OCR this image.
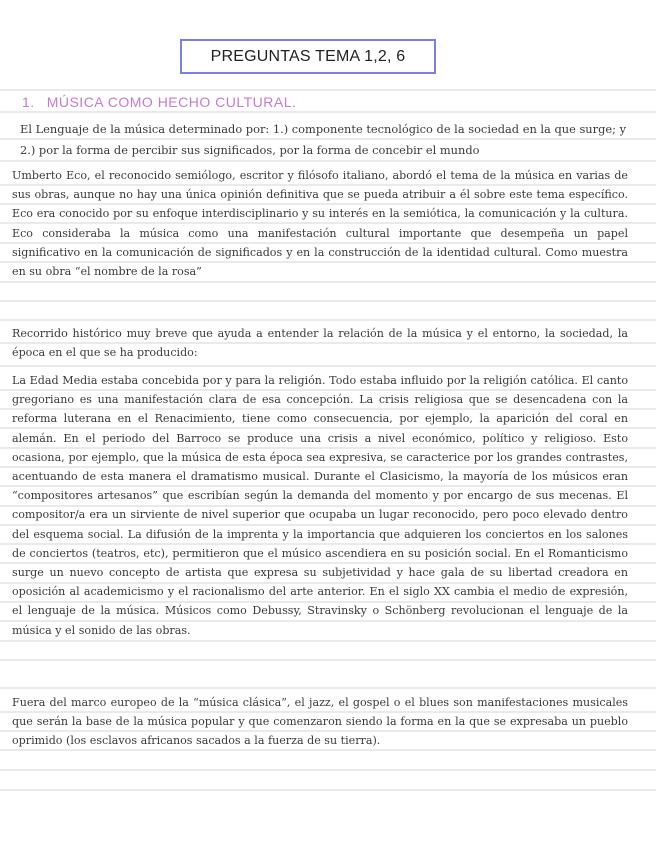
PREGUNTAS TEMA 1,2, 6
1. MÚSICA COMO HECHO CULTURAL.

El Lenguaje de la música determinado por: 1.) componente tecnológico de la sociedad en la que surge; y 2.) por la forma de percibir sus significados, por la forma de concebir el mundo

Umberto Eco, el reconocido semiólogo, escritor y filósofo italiano, abordó el tema de la música en varias de sus obras, aunque no hay una única opinión definitiva que se pueda atribuir a él sobre este tema específico. Eco era conocido por su enfoque interdisciplinario y su interés en la semiótica, la comunicación y la cultura. Eco consideraba la música como una manifestación cultural importante que desempeña un papel significativo en la comunicación de significados y en la construcción de la identidad cultural. Como muestra en su obra “el nombre de la rosa”

Recorrido histórico muy breve que ayuda a entender la relación de la música y el entorno, la sociedad, la época en el que se ha producido:

La Edad Media estaba concebida por y para la religión. Todo estaba influido por la religión católica. El canto gregoriano es una manifestación clara de esa concepción. La crisis religiosa que se desencadena con la reforma luterana en el Renacimiento, tiene como consecuencia, por ejemplo, la aparición del coral en alemán. En el periodo del Barroco se produce una crisis a nivel económico, político y religioso. Esto ocasiona, por ejemplo, que la música de esta época sea expresiva, se caracterice por los grandes contrastes, acentuando de esta manera el dramatismo musical. Durante el Clasicismo, la mayoría de los músicos eran “compositores artesanos” que escribían según la demanda del momento y por encargo de sus mecenas. El compositor/a era un sirviente de nivel superior que ocupaba un lugar reconocido, pero poco elevado dentro del esquema social. La difusión de la imprenta y la importancia que adquieren los conciertos en los salones de conciertos (teatros, etc), permitieron que el músico ascendiera en su posición social. En el Romanticismo surge un nuevo concepto de artista que expresa su subjetividad y hace gala de su libertad creadora en oposición al academicismo y el racionalismo del arte anterior. En el siglo XX cambia el medio de expresión, el lenguaje de la música. Músicos como Debussy, Stravinsky o Schönberg revolucionan el lenguaje de la música y el sonido de las obras.

Fuera del marco europeo de la “música clásica”, el jazz, el gospel o el blues son manifestaciones musicales que serán la base de la música popular y que comenzaron siendo la forma en la que se expresaba un pueblo oprimido (los esclavos africanos sacados a la fuerza de su tierra).
